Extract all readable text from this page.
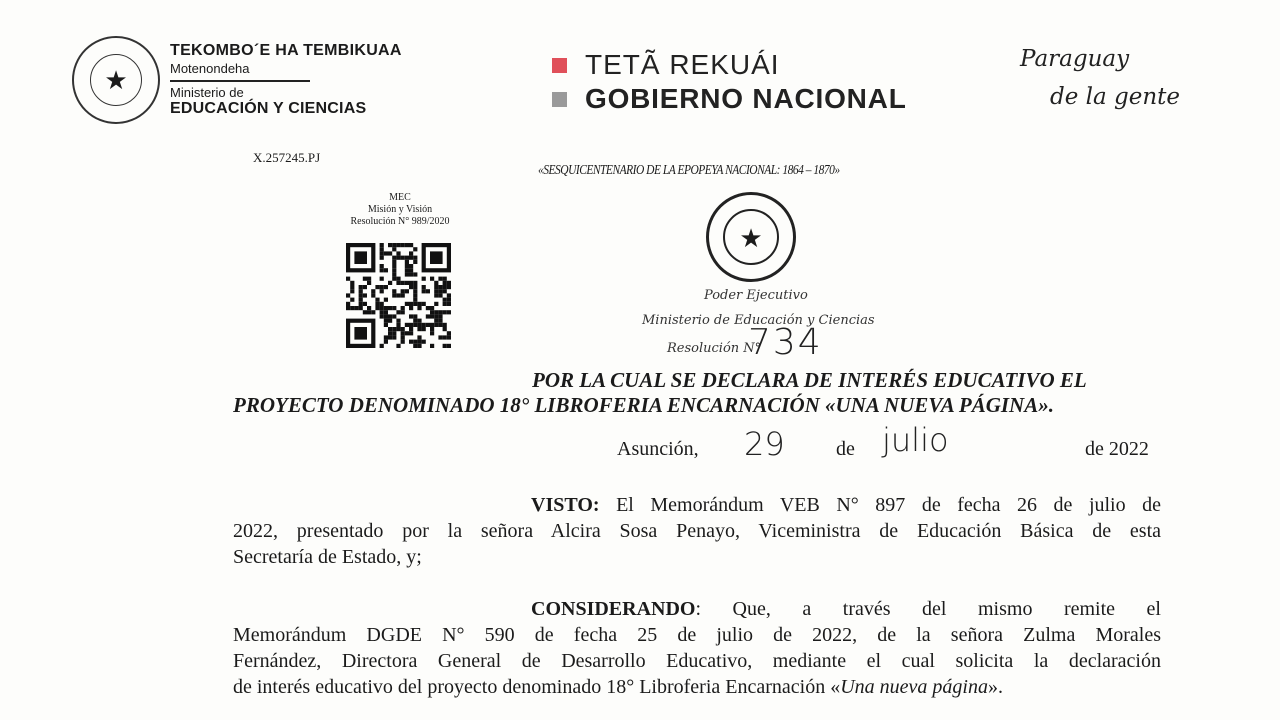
★
TEKOMBO´E HA TEMBIKUAA
Motenondeha
Ministerio de
EDUCACIÓN Y CIENCIAS
TETÃ REKUÁI
GOBIERNO NACIONAL
Paraguay
de la gente
X.257245.PJ
«SESQUICENTENARIO DE LA EPOPEYA NACIONAL: 1864 – 1870»
MEC
Misión y Visión
Resolución N° 989/2020
★
Poder Ejecutivo
Ministerio de Educación y Ciencias
Resolución N°
734
POR LA CUAL SE DECLARA DE INTERÉS EDUCATIVO EL
PROYECTO DENOMINADO 18° LIBROFERIA ENCARNACIÓN «UNA NUEVA PÁGINA».
Asunción, 29	de julio	de 2022
VISTO: El Memorándum VEB N° 897 de fecha 26 de julio de
2022, presentado por la señora Alcira Sosa Penayo, Viceministra de Educación Básica de esta
Secretaría de Estado, y;
CONSIDERANDO: Que, a través del mismo remite el
Memorándum DGDE N° 590 de fecha 25 de julio de 2022, de la señora Zulma Morales
Fernández, Directora General de Desarrollo Educativo, mediante el cual solicita la declaración
de interés educativo del proyecto denominado 18° Libroferia Encarnación «Una nueva página».
